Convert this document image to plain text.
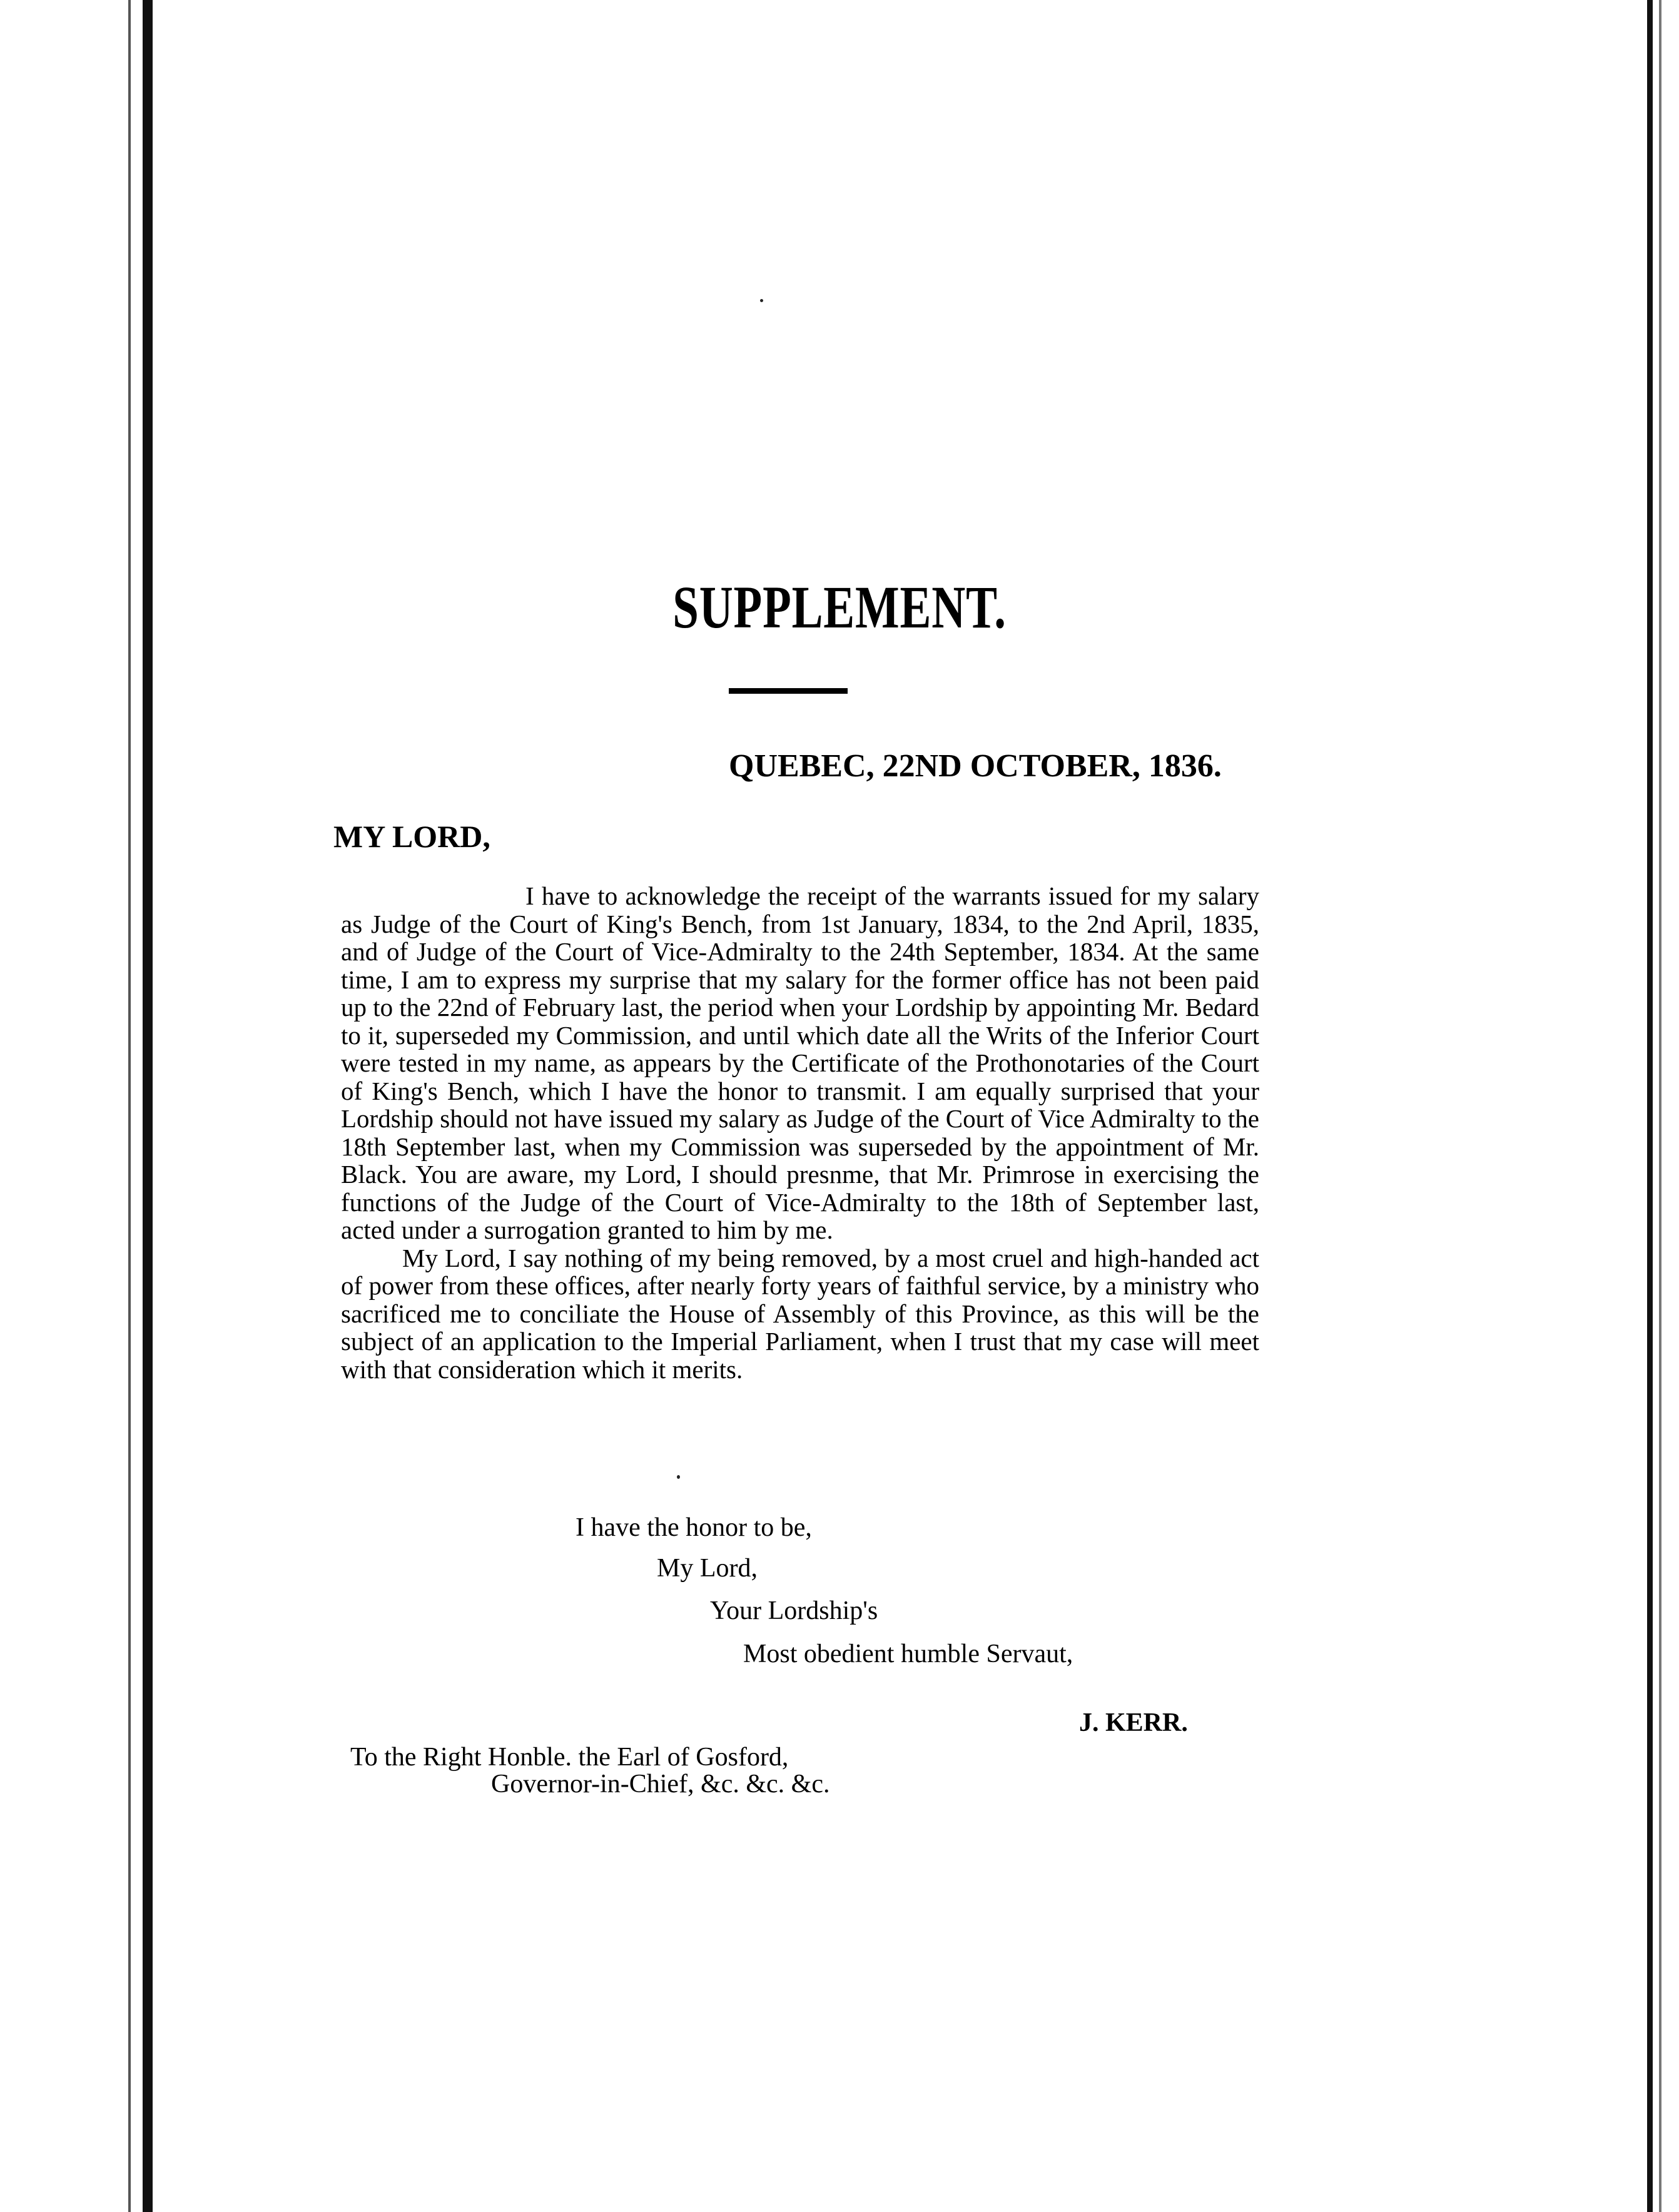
SUPPLEMENT.
QUEBEC, 22ND OCTOBER, 1836.
MY LORD,

I have to acknowledge the receipt of the warrants issued for my salary as Judge of the Court of King's Bench, from 1st January, 1834, to the 2nd April, 1835, and of Judge of the Court of Vice-Admiralty to the 24th September, 1834. At the same time, I am to express my surprise that my salary for the former office has not been paid up to the 22nd of February last, the period when your Lordship by appointing Mr. Bedard to it, superseded my Commission, and until which date all the Writs of the Inferior Court were tested in my name, as appears by the Certificate of the Prothonotaries of the Court of King's Bench, which I have the honor to transmit. I am equally surprised that your Lordship should not have issued my salary as Judge of the Court of Vice Admiralty to the 18th September last, when my Commission was superseded by the appointment of Mr. Black. You are aware, my Lord, I should presnme, that Mr. Primrose in exercising the functions of the Judge of the Court of Vice-Admiralty to the 18th of September last, acted under a surrogation granted to him by me.

My Lord, I say nothing of my being removed, by a most cruel and high-handed act of power from these offices, after nearly forty years of faithful service, by a ministry who sacrificed me to conciliate the House of Assembly of this Province, as this will be the subject of an application to the Imperial Parliament, when I trust that my case will meet with that consideration which it merits.

I have the honor to be,
My Lord,
Your Lordship's
Most obedient humble Servaut,
J. KERR.
To the Right Honble. the Earl of Gosford,
Governor-in-Chief, &c. &c. &c.
